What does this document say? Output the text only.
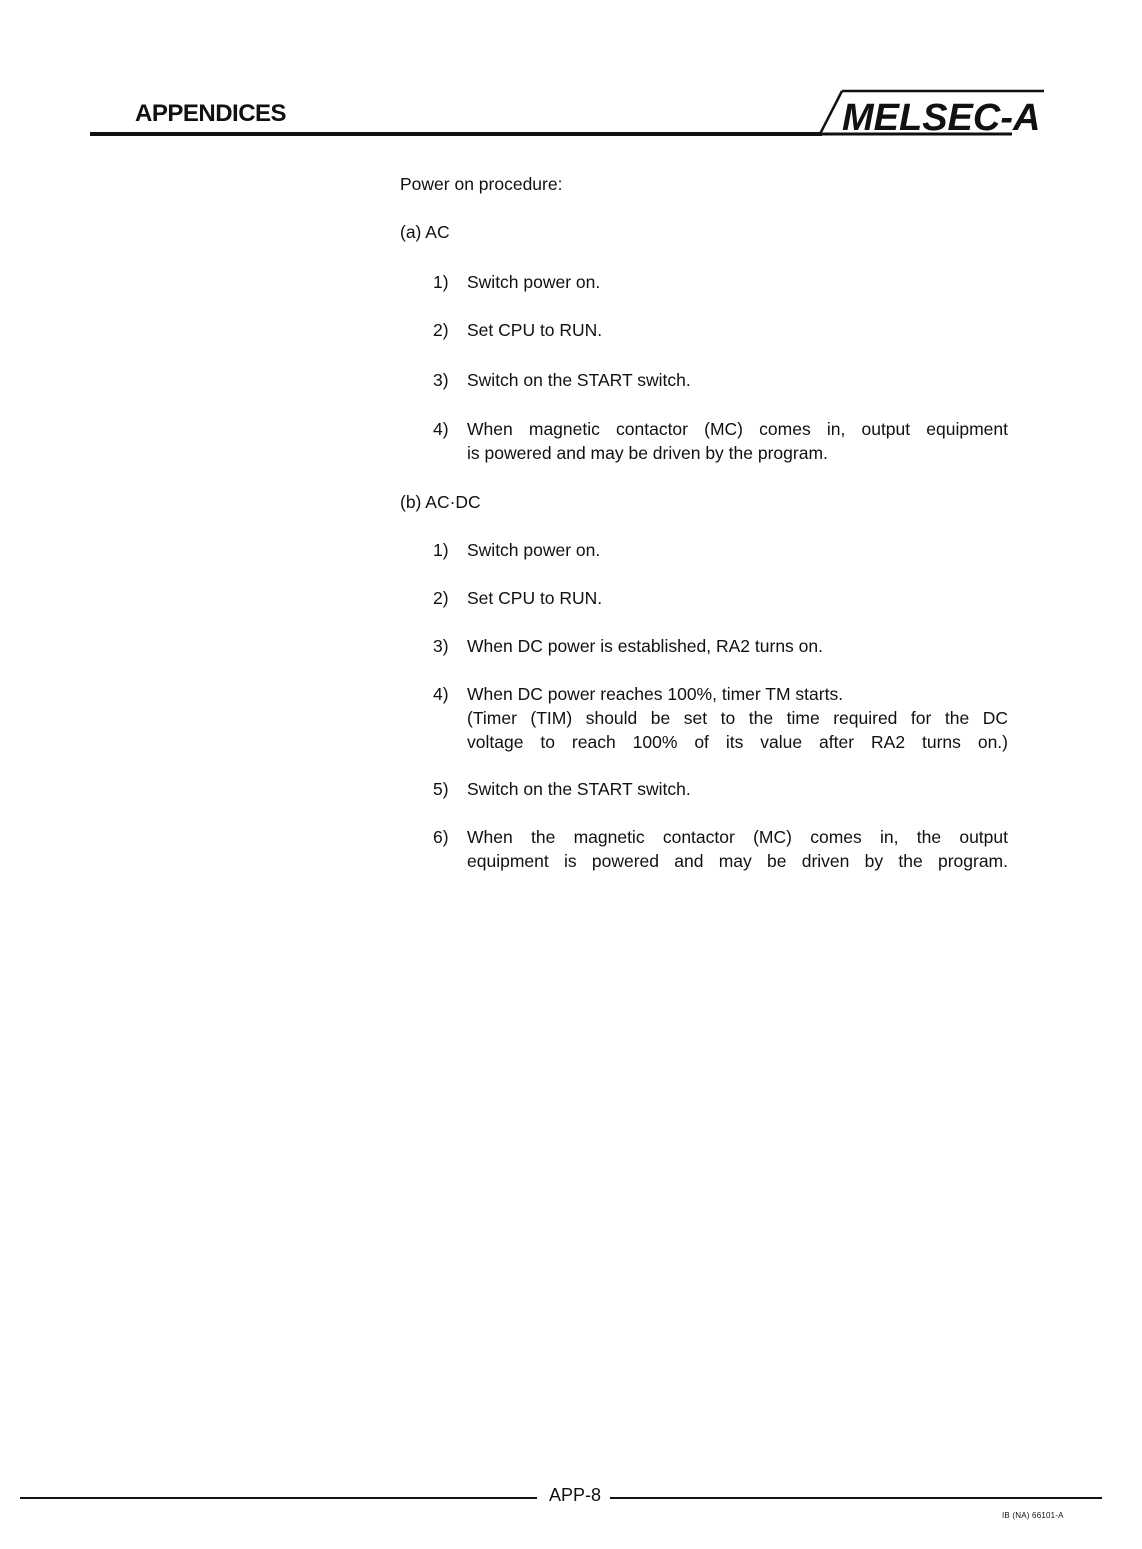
APPENDICES	MELSEC-A

Power on procedure:

(a) AC

1)	Switch power on.
2)	Set CPU to RUN.
3)	Switch on the START switch.
4)	When magnetic contactor (MC) comes in, output equipment
is powered and may be driven by the program.

(b) AC·DC

1)	Switch power on.
2)	Set CPU to RUN.
3)	When DC power is established, RA2 turns on.
4)	When DC power reaches 100%, timer TM starts.
(Timer (TIM) should be set to the time required for the DC
voltage to reach 100% of its value after RA2 turns on.)
5)	Switch on the START switch.
6)	When the magnetic contactor (MC) comes in, the output
equipment is powered and may be driven by the program.

APP-8

IB (NA) 66101-A
